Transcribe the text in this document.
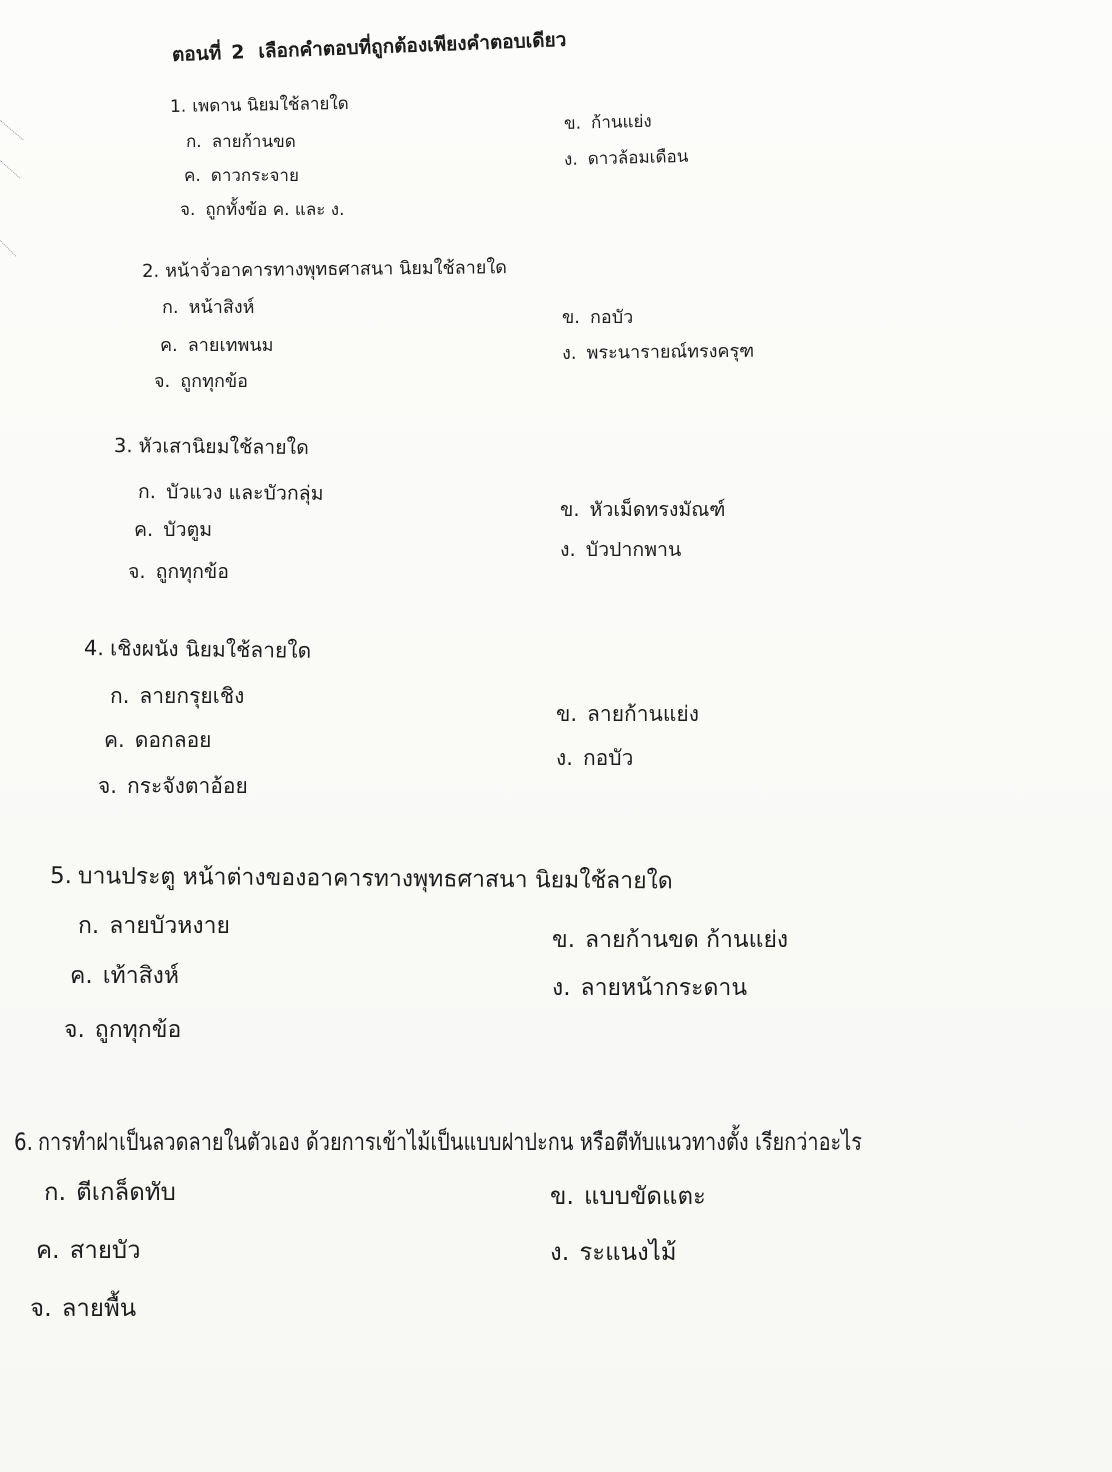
ตอนที่ 2 เลือกคำตอบที่ถูกต้องเพียงคำตอบเดียว
1. เพดาน นิยมใช้ลายใด
ก. ลายก้านขด
ข. ก้านแย่ง
ค. ดาวกระจาย
ง. ดาวล้อมเดือน
จ. ถูกทั้งข้อ ค. และ ง.
2. หน้าจั่วอาคารทางพุทธศาสนา นิยมใช้ลายใด
ก. หน้าสิงห์	ข. กอบัว
ค. ลายเทพนม	ง. พระนารายณ์ทรงครุฑ
จ. ถูกทุกข้อ
3. หัวเสานิยมใช้ลายใด
ก. บัวแวง และบัวกลุ่ม
ข. หัวเม็ดทรงมัณฑ์
ค. บัวตูม
ง. บัวปากพาน
จ. ถูกทุกข้อ
4. เชิงผนัง นิยมใช้ลายใด
ก. ลายกรุยเชิง
ข. ลายก้านแย่ง
ค. ดอกลอย
ง. กอบัว
จ. กระจังตาอ้อย
5. บานประตู หน้าต่างของอาคารทางพุทธศาสนา นิยมใช้ลายใด
ก. ลายบัวหงาย
ข. ลายก้านขด ก้านแย่ง
ค. เท้าสิงห์	ง. ลายหน้ากระดาน
จ. ถูกทุกข้อ
6. การทำฝาเป็นลวดลายในตัวเอง ด้วยการเข้าไม้เป็นแบบฝาปะกน หรือตีทับแนวทางตั้ง เรียกว่าอะไร
ก. ตีเกล็ดทับ	ข. แบบขัดแตะ
ค. สายบัว	ง. ระแนงไม้
จ. ลายพื้น
